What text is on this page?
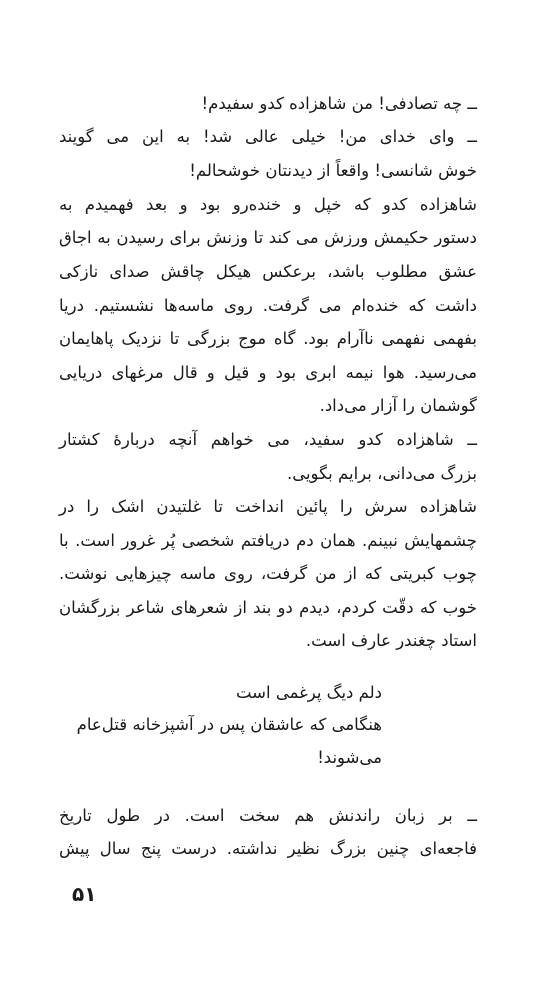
ــ چه تصادفی! من شاهزاده کدو سفیدم!
ــ وای خدای من! خیلی عالی شد! به این می گویند
خوش شانسی! واقعاً از دیدنتان خوشحالم!
شاهزاده کدو که خپل و خنده‌رو بود و بعد فهمیدم به
دستور حکیمش ورزش می کند تا وزنش برای رسیدن به اجاق
عشق مطلوب باشد، برعکس هیکل چاقش صدای نازکی
داشت که خنده‌ام می گرفت. روی ماسه‌ها نشستیم. دریا
بفهمی نفهمی ناآرام بود. گاه موج بزرگی تا نزدیک پاهایمان
می‌رسید. هوا نیمه ابری بود و قیل و قال مرغهای دریایی
گوشمان را آزار می‌داد.
ــ شاهزاده کدو سفید، می خواهم آنچه دربارهٔ کشتار
بزرگ می‌دانی، برایم بگویی.
شاهزاده سرش را پائین انداخت تا غلتیدن اشک را در
چشمهایش نبینم. همان دم دریافتم شخصی پُر غرور است. با
چوب کبریتی که از من گرفت، روی ماسه چیزهایی نوشت.
خوب که دقّت کردم، دیدم دو بند از شعرهای شاعر بزرگشان
استاد چغندر عارف است.
دلم دیگ پرغمی است
هنگامی که عاشقان پس در آشپزخانه قتل‌عام
می‌شوند!
ــ بر زبان راندنش هم سخت است. در طول تاریخ
فاجعه‌ای چنین بزرگ نظیر نداشته. درست پنج سال پیش
۵۱
